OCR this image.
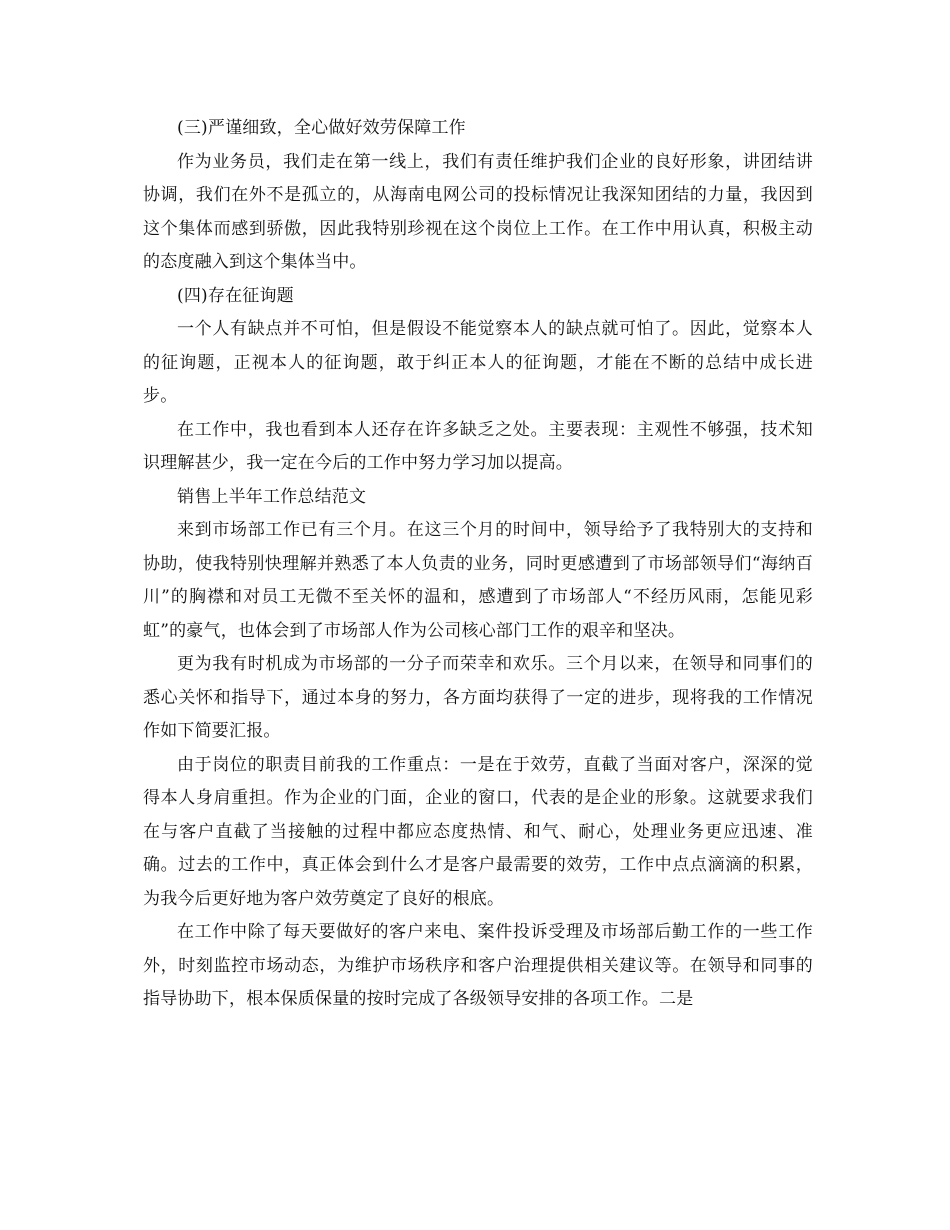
(三)严谨细致，全心做好效劳保障工作

作为业务员，我们走在第一线上，我们有责任维护我们企业的良好形象，讲团结讲协调，我们在外不是孤立的，从海南电网公司的投标情况让我深知团结的力量，我因到这个集体而感到骄傲，因此我特别珍视在这个岗位上工作。在工作中用认真，积极主动的态度融入到这个集体当中。

(四)存在征询题

一个人有缺点并不可怕，但是假设不能觉察本人的缺点就可怕了。因此，觉察本人的征询题，正视本人的征询题，敢于纠正本人的征询题，才能在不断的总结中成长进步。

在工作中，我也看到本人还存在许多缺乏之处。主要表现：主观性不够强，技术知识理解甚少，我一定在今后的工作中努力学习加以提高。

销售上半年工作总结范文

来到市场部工作已有三个月。在这三个月的时间中，领导给予了我特别大的支持和协助，使我特别快理解并熟悉了本人负责的业务，同时更感遭到了市场部领导们“海纳百川”的胸襟和对员工无微不至关怀的温和，感遭到了市场部人“不经历风雨，怎能见彩虹”的豪气，也体会到了市场部人作为公司核心部门工作的艰辛和坚决。

更为我有时机成为市场部的一分子而荣幸和欢乐。三个月以来，在领导和同事们的悉心关怀和指导下，通过本身的努力，各方面均获得了一定的进步，现将我的工作情况作如下简要汇报。

由于岗位的职责目前我的工作重点：一是在于效劳，直截了当面对客户，深深的觉得本人身肩重担。作为企业的门面，企业的窗口，代表的是企业的形象。这就要求我们在与客户直截了当接触的过程中都应态度热情、和气、耐心，处理业务更应迅速、准确。过去的工作中，真正体会到什么才是客户最需要的效劳，工作中点点滴滴的积累，为我今后更好地为客户效劳奠定了良好的根底。

在工作中除了每天要做好的客户来电、案件投诉受理及市场部后勤工作的一些工作外，时刻监控市场动态，为维护市场秩序和客户治理提供相关建议等。在领导和同事的指导协助下，根本保质保量的按时完成了各级领导安排的各项工作。二是
